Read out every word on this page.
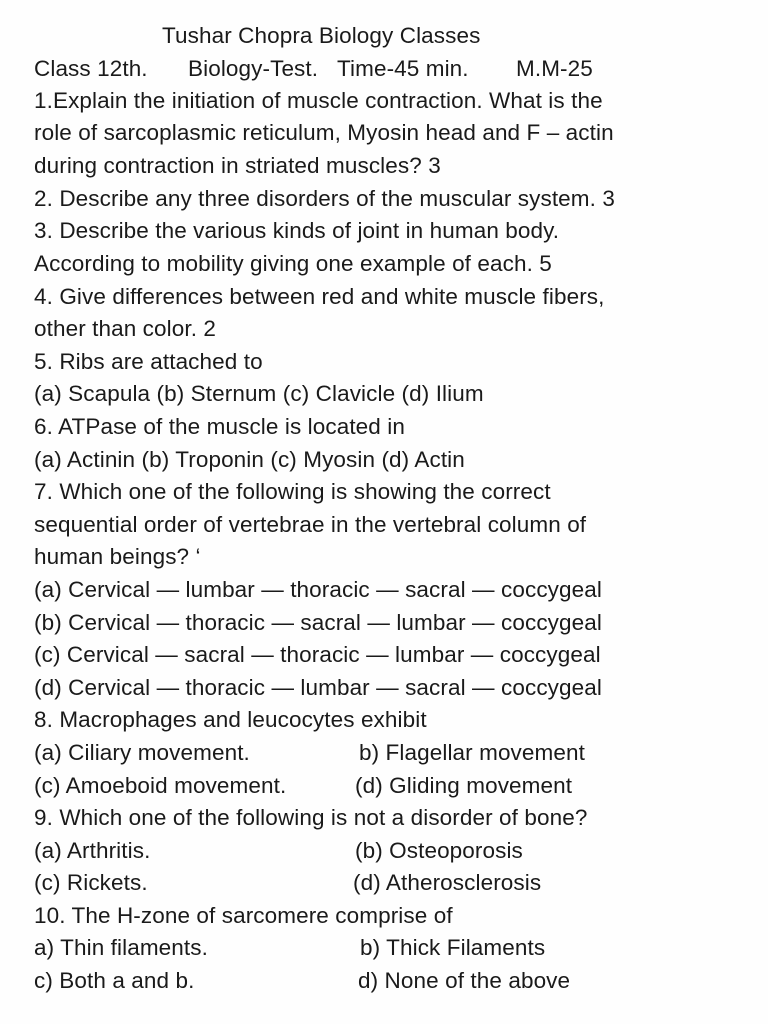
Tushar Chopra Biology Classes
Class 12th. Biology-Test. Time-45 min. M.M-25
1.Explain the initiation of muscle contraction. What is the
role of sarcoplasmic reticulum, Myosin head and F – actin
during contraction in striated muscles? 3
2. Describe any three disorders of the muscular system. 3
3. Describe the various kinds of joint in human body.
According to mobility giving one example of each. 5
4. Give differences between red and white muscle fibers,
other than color. 2
5. Ribs are attached to
(a) Scapula (b) Sternum (c) Clavicle (d) Ilium
6. ATPase of the muscle is located in
(a) Actinin (b) Troponin (c) Myosin (d) Actin
7. Which one of the following is showing the correct
sequential order of vertebrae in the vertebral column of
human beings? ‘
(a) Cervical — lumbar — thoracic — sacral — coccygeal
(b) Cervical — thoracic — sacral — lumbar — coccygeal
(c) Cervical — sacral — thoracic — lumbar — coccygeal
(d) Cervical — thoracic — lumbar — sacral — coccygeal
8. Macrophages and leucocytes exhibit
(a) Ciliary movement.	b) Flagellar movement
(c) Amoeboid movement.	(d) Gliding movement
9. Which one of the following is not a disorder of bone?
(a) Arthritis.	(b) Osteoporosis
(c) Rickets.	(d) Atherosclerosis
10. The H-zone of sarcomere comprise of
a) Thin filaments.	b) Thick Filaments
c) Both a and b.	d) None of the above
